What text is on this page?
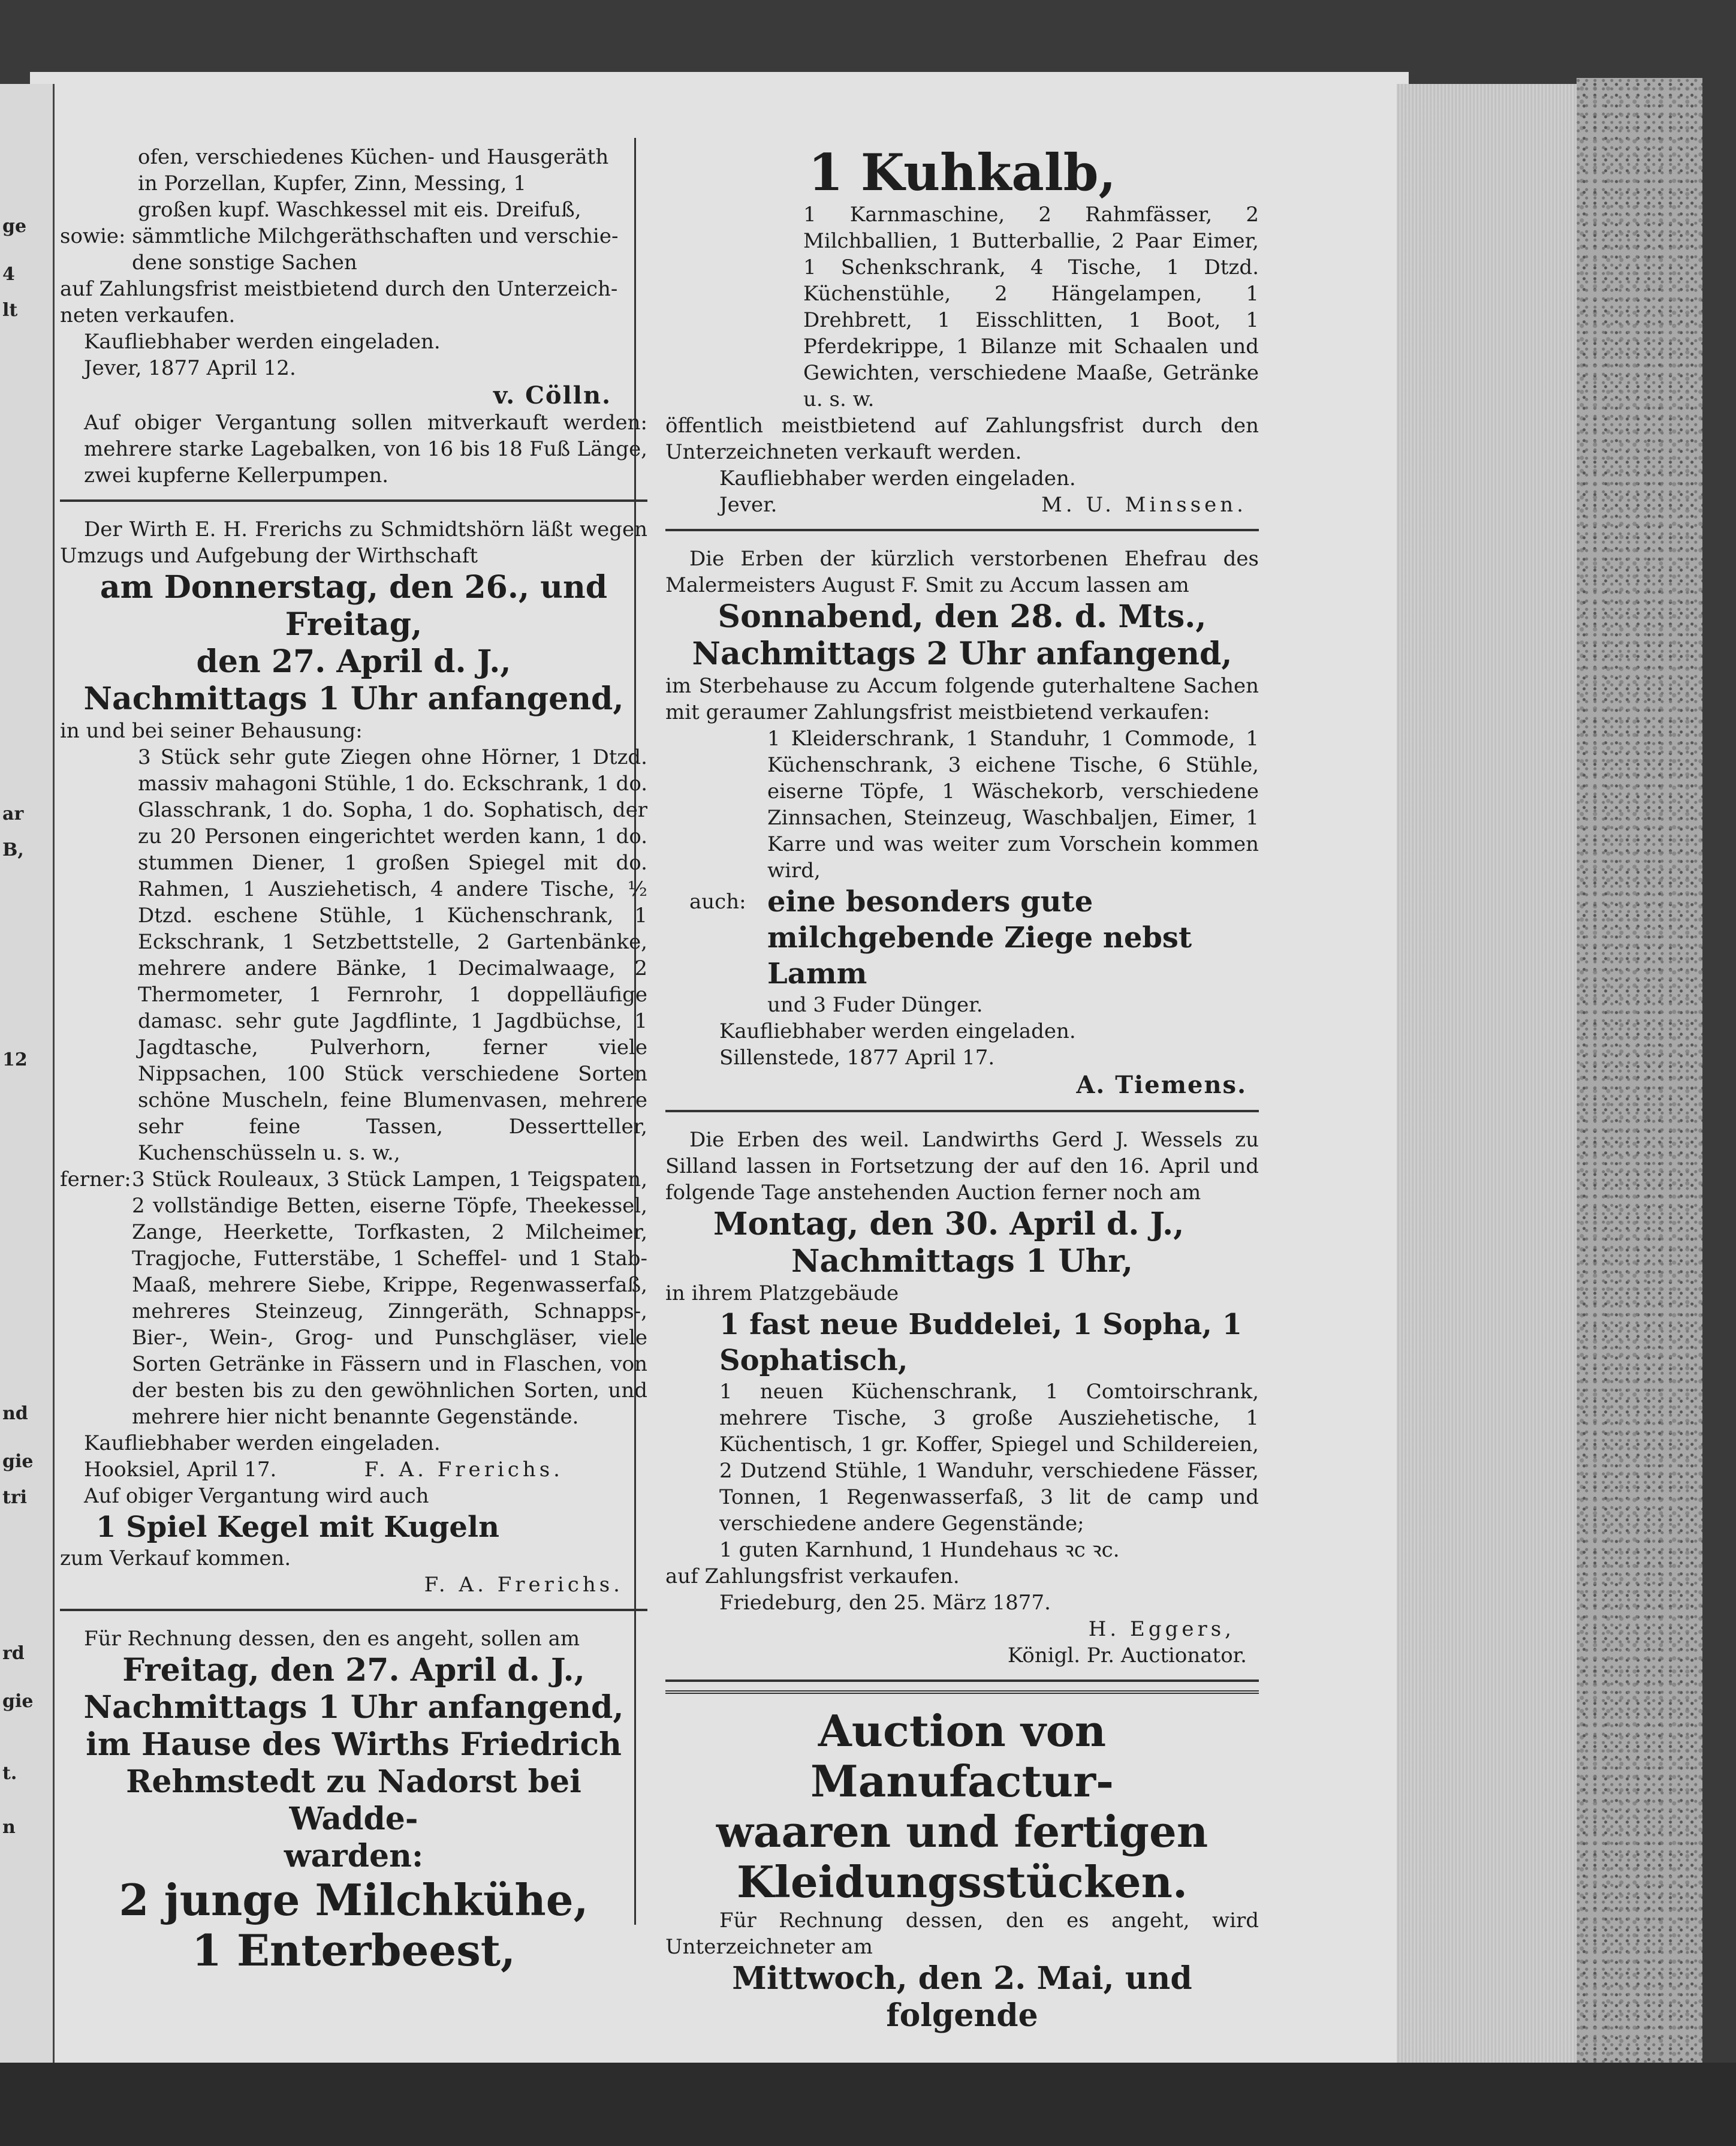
ge
4
lt
ar
B,
12
nd
gie
tri
rd
gie
t.
n

ofen, verschiedenes Küchen- und Hausgeräth

in Porzellan, Kupfer, Zinn, Messing, 1

großen kupf. Waschkessel mit eis. Dreifuß,

sowie: sämmtliche Milchgeräthschaften und verschie-

dene sonstige Sachen

auf Zahlungsfrist meistbietend durch den Unterzeich-

neten verkaufen.

Kaufliebhaber werden eingeladen.

Jever, 1877 April 12.

v. Cölln.

Auf obiger Vergantung sollen mitverkauft werden: mehrere starke Lagebalken, von 16 bis 18 Fuß Länge, zwei kupferne Kellerpumpen.

Der Wirth E. H. Frerichs zu Schmidtshörn läßt wegen Umzugs und Aufgebung der Wirthschaft

am Donnerstag, den 26., und Freitag,

den 27. April d. J.,

Nachmittags 1 Uhr anfangend,

in und bei seiner Behausung:

3 Stück sehr gute Ziegen ohne Hörner, 1 Dtzd. massiv mahagoni Stühle, 1 do. Eckschrank, 1 do. Glasschrank, 1 do. Sopha, 1 do. Sophatisch, der zu 20 Personen eingerichtet werden kann, 1 do. stummen Diener, 1 großen Spiegel mit do. Rahmen, 1 Ausziehetisch, 4 andere Tische, ½ Dtzd. eschene Stühle, 1 Küchenschrank, 1 Eckschrank, 1 Setzbettstelle, 2 Gartenbänke, mehrere andere Bänke, 1 Decimalwaage, 2 Thermometer, 1 Fernrohr, 1 doppelläufige damasc. sehr gute Jagdflinte, 1 Jagdbüchse, 1 Jagdtasche, Pulverhorn, ferner viele Nippsachen, 100 Stück verschiedene Sorten schöne Muscheln, feine Blumenvasen, mehrere sehr feine Tassen, Dessertteller, Kuchenschüsseln u. s. w.,

ferner: 3 Stück Rouleaux, 3 Stück Lampen, 1 Teigspaten, 2 vollständige Betten, eiserne Töpfe, Theekessel, Zange, Heerkette, Torfkasten, 2 Milcheimer, Tragjoche, Futterstäbe, 1 Scheffel- und 1 Stab-Maaß, mehrere Siebe, Krippe, Regenwasserfaß, mehreres Steinzeug, Zinngeräth, Schnapps-, Bier-, Wein-, Grog- und Punschgläser, viele Sorten Getränke in Fässern und in Flaschen, von der besten bis zu den gewöhnlichen Sorten, und mehrere hier nicht benannte Gegenstände.

Kaufliebhaber werden eingeladen.

Hooksiel, April 17.	F. A. Frerichs.

Auf obiger Vergantung wird auch

1 Spiel Kegel mit Kugeln

zum Verkauf kommen.

F. A. Frerichs.

Für Rechnung dessen, den es angeht, sollen am

Freitag, den 27. April d. J.,

Nachmittags 1 Uhr anfangend,

im Hause des Wirths Friedrich

Rehmstedt zu Nadorst bei Wadde-

warden:

2 junge Milchkühe,

1 Enterbeest,

1 Kuhkalb,

1 Karnmaschine, 2 Rahmfässer, 2 Milchballien, 1 Butterballie, 2 Paar Eimer, 1 Schenkschrank, 4 Tische, 1 Dtzd. Küchenstühle, 2 Hängelampen, 1 Drehbrett, 1 Eisschlitten, 1 Boot, 1 Pferdekrippe, 1 Bilanze mit Schaalen und Gewichten, verschiedene Maaße, Getränke u. s. w.

öffentlich meistbietend auf Zahlungsfrist durch den Unterzeichneten verkauft werden.

Kaufliebhaber werden eingeladen.

Jever.	M. U. Minssen.

Die Erben der kürzlich verstorbenen Ehefrau des Malermeisters August F. Smit zu Accum lassen am

Sonnabend, den 28. d. Mts.,

Nachmittags 2 Uhr anfangend,

im Sterbehause zu Accum folgende guterhaltene Sachen mit geraumer Zahlungsfrist meistbietend verkaufen:

1 Kleiderschrank, 1 Standuhr, 1 Commode, 1 Küchenschrank, 3 eichene Tische, 6 Stühle, eiserne Töpfe, 1 Wäschekorb, verschiedene Zinnsachen, Steinzeug, Waschbaljen, Eimer, 1 Karre und was weiter zum Vorschein kommen wird,

auch: eine besonders gute milchgebende Ziege nebst Lamm

und 3 Fuder Dünger.

Kaufliebhaber werden eingeladen.

Sillenstede, 1877 April 17.

A. Tiemens.

Die Erben des weil. Landwirths Gerd J. Wessels zu Silland lassen in Fortsetzung der auf den 16. April und folgende Tage anstehenden Auction ferner noch am

Montag, den 30. April d. J.,

Nachmittags 1 Uhr,

in ihrem Platzgebäude

1 fast neue Buddelei, 1 Sopha, 1 Sophatisch,

1 neuen Küchenschrank, 1 Comtoirschrank, mehrere Tische, 3 große Ausziehetische, 1 Küchentisch, 1 gr. Koffer, Spiegel und Schildereien, 2 Dutzend Stühle, 1 Wanduhr, verschiedene Fässer, Tonnen, 1 Regenwasserfaß, 3 lit de camp und verschiedene andere Gegenstände;

1 guten Karnhund, 1 Hundehaus ꝛc ꝛc.

auf Zahlungsfrist verkaufen.

Friedeburg, den 25. März 1877.

H. Eggers,

Königl. Pr. Auctionator.

Auction von Manufactur-

waaren und fertigen

Kleidungsstücken.

Für Rechnung dessen, den es angeht, wird Unterzeichneter am

Mittwoch, den 2. Mai, und folgende
